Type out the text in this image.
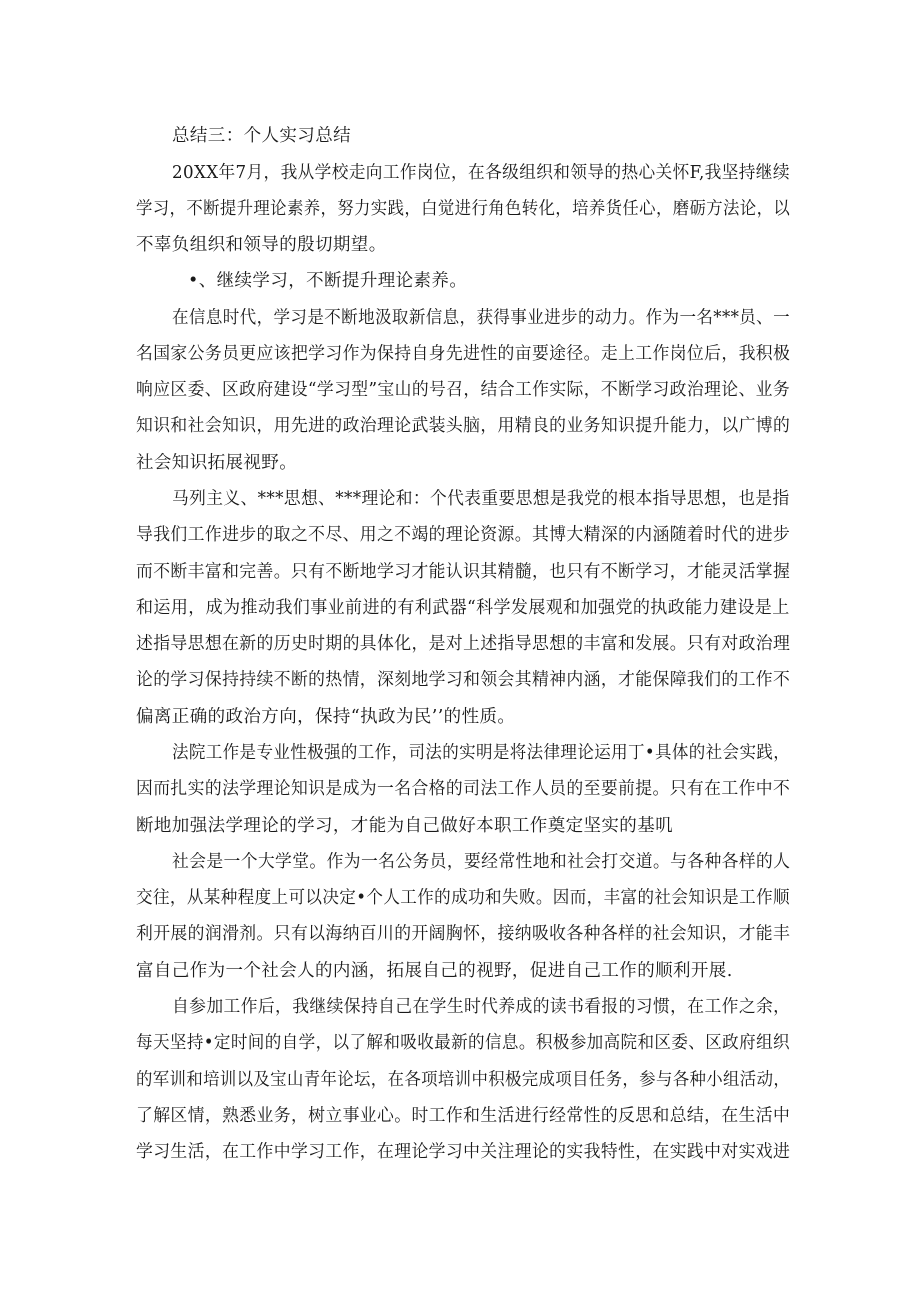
总结三：个人实习总结
20XX年7月，我从学校走向工作岗位，在各级组织和领导的热心关怀F,我坚持继续
学习，不断提升理论素养，努力实践，白觉进行角色转化，培养货任心，磨砺方法论，以
不辜负组织和领导的殷切期望。
•、继续学习，不断提升理论素养。
在信息时代，学习是不断地汲取新信息，获得事业进步的动力。作为一名***员、一
名国家公务员更应该把学习作为保持自身先进性的亩要途径。走上工作岗位后，我积极
响应区委、区政府建设“学习型”宝山的号召，结合工作实际，不断学习政治理论、业务
知识和社会知识，用先进的政治理论武装头脑，用精良的业务知识提升能力，以广博的
社会知识拓展视野。
马列主义、***思想、***理论和：个代表重要思想是我党的根本指导思想，也是指
导我们工作进步的取之不尽、用之不竭的理论资源。其博大精深的内涵随着时代的进步
而不断丰富和完善。只有不断地学习才能认识其精髓，也只有不断学习，才能灵活掌握
和运用，成为推动我们事业前进的有利武器“科学发展观和加强党的执政能力建设是上
述指导思想在新的历史时期的具体化，是对上述指导思想的丰富和发展。只有对政治理
论的学习保持持续不断的热情，深刻地学习和领会其精神内涵，才能保障我们的工作不
偏离正确的政治方向，保持“执政为民’’的性质。
法院工作是专业性极强的工作，司法的实明是将法律理论运用丁•具体的社会实践，
因而扎实的法学理论知识是成为一名合格的司法工作人员的至要前提。只有在工作中不
断地加强法学理论的学习，才能为自己做好本职工作奠定坚实的基叽
社会是一个大学堂。作为一名公务员，要经常性地和社会打交道。与各种各样的人
交往，从某种程度上可以决定•个人工作的成功和失败。因而，丰富的社会知识是工作顺
利开展的润滑剂。只有以海纳百川的开阔胸怀，接纳吸收各种各样的社会知识，才能丰
富自己作为一个社会人的内涵，拓展自己的视野，促进自己工作的顺利开展.
自参加工作后，我继续保持自己在学生时代养成的读书看报的习惯，在工作之余，
每天坚持•定时间的自学，以了解和吸收最新的信息。积极参加高院和区委、区政府组织
的军训和培训以及宝山青年论坛，在各项培训中积极完成项目任务，参与各种小组活动，
了解区情，熟悉业务，树立事业心。时工作和生活进行经常性的反思和总结，在生活中
学习生活，在工作中学习工作，在理论学习中关注理论的实我特性，在实践中对实戏进
